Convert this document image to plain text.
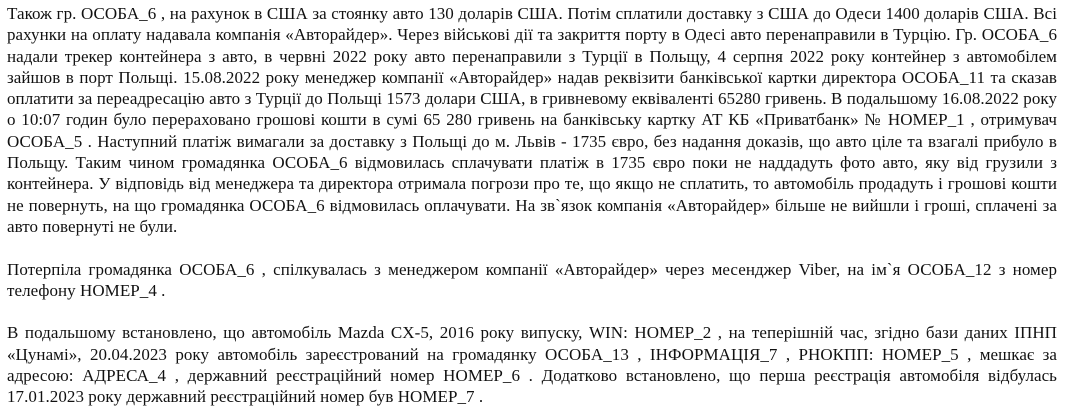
Також гр. ОСОБА_6 , на рахунок в США за стоянку авто 130 доларів США. Потім сплатили доставку з США до Одеси 1400 доларів США. Всі рахунки на оплату надавала компанія «Авторайдер». Через військові дії та закриття порту в Одесі авто перенаправили в Турцію. Гр. ОСОБА_6 надали трекер контейнера з авто, в червні 2022 року авто перенаправили з Турції в Польщу, 4 серпня 2022 року контейнер з автомобілем зайшов в порт Польщі. 15.08.2022 року менеджер компанії «Авторайдер» надав реквізити банківської картки директора ОСОБА_11 та сказав оплатити за переадресацію авто з Турції до Польщі 1573 долари США, в гривневому еквіваленті 65280 гривень. В подальшому 16.08.2022 року о 10:07 годин було перераховано грошові кошти в сумі 65 280 гривень на банківську картку АТ КБ «Приватбанк» № НОМЕР_1 , отримувач ОСОБА_5 . Наступний платіж вимагали за доставку з Польщі до м. Львів - 1735 євро, без надання доказів, що авто ціле та взагалі прибуло в Польщу. Таким чином громадянка ОСОБА_6 відмовилась сплачувати платіж в 1735 євро поки не наддадуть фото авто, яку від грузили з контейнера. У відповідь від менеджера та директора отримала погрози про те, що якщо не сплатить, то автомобіль продадуть і грошові кошти не повернуть, на що громадянка ОСОБА_6 відмовилась оплачувати. На зв`язок компанія «Авторайдер» більше не вийшли і гроші, сплачені за авто повернуті не були.

Потерпіла громадянка ОСОБА_6 , спілкувалась з менеджером компанії «Авторайдер» через месенджер Viber, на ім`я ОСОБА_12 з номер телефону НОМЕР_4 .

В подальшому встановлено, що автомобіль Mazda CX-5, 2016 року випуску, WIN: НОМЕР_2 , на теперішній час, згідно бази даних ІПНП «Цунамі», 20.04.2023 року автомобіль зареєстрований на громадянку ОСОБА_13 , ІНФОРМАЦІЯ_7 , РНОКПП: НОМЕР_5 , мешкає за адресою: АДРЕСА_4 , державний реєстраційний номер НОМЕР_6 . Додатково встановлено, що перша реєстрація автомобіля відбулась 17.01.2023 року державний реєстраційний номер був НОМЕР_7 .
